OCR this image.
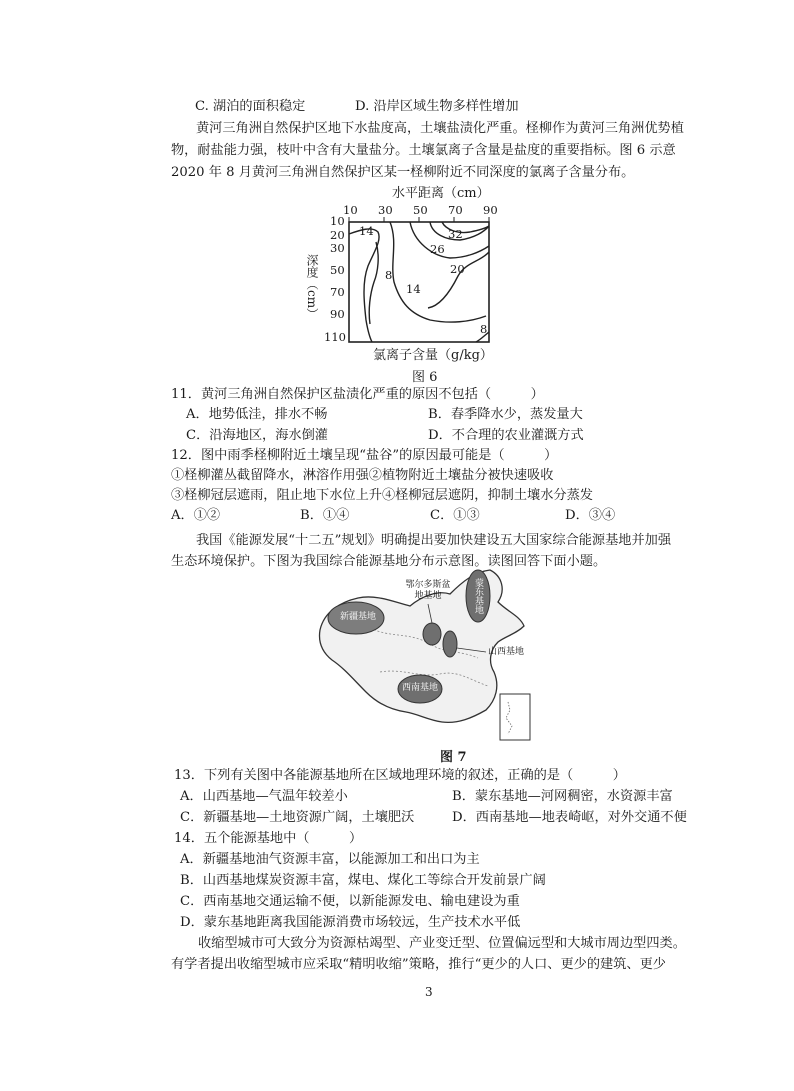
C. 湖泊的面积稳定	D. 沿岸区域生物多样性增加
黄河三角洲自然保护区地下水盐度高，土壤盐渍化严重。柽柳作为黄河三角洲优势植
物，耐盐能力强，枝叶中含有大量盐分。土壤氯离子含量是盐度的重要指标。图 6 示意
2020 年 8 月黄河三角洲自然保护区某一柽柳附近不同深度的氯离子含量分布。
水平距离（cm）
10 30 50 70 90
10
20
30
50
70
90
110
深度（cm）
32
26
20
14
14
8
8
氯离子含量（g/kg）
图 6
11．黄河三角洲自然保护区盐渍化严重的原因不包括（　　　）
A．地势低洼，排水不畅	B．春季降水少，蒸发量大
C．沿海地区，海水倒灌	D．不合理的农业灌溉方式
12．图中雨季柽柳附近土壤呈现“盐谷”的原因最可能是（　　　）
①柽柳灌丛截留降水，淋溶作用强②植物附近土壤盐分被快速吸收
③柽柳冠层遮雨，阻止地下水位上升④柽柳冠层遮阴，抑制土壤水分蒸发
A．①②	B．①④	C．①③	D．③④
我国《能源发展“十二五”规划》明确提出要加快建设五大国家综合能源基地并加强
生态环境保护。下图为我国综合能源基地分布示意图。读图回答下面小题。
新疆基地
鄂尔多斯盆地基地	蒙东基地
山西基地
西南基地
图 7
13．下列有关图中各能源基地所在区域地理环境的叙述，正确的是（　　　）
A．山西基地—气温年较差小	B．蒙东基地—河网稠密，水资源丰富
C．新疆基地—土地资源广阔，土壤肥沃	D．西南基地—地表崎岖，对外交通不便
14．五个能源基地中（　　　）
A．新疆基地油气资源丰富，以能源加工和出口为主
B．山西基地煤炭资源丰富，煤电、煤化工等综合开发前景广阔
C．西南基地交通运输不便，以新能源发电、输电建设为重
D．蒙东基地距离我国能源消费市场较远，生产技术水平低
收缩型城市可大致分为资源枯竭型、产业变迁型、位置偏远型和大城市周边型四类。
有学者提出收缩型城市应采取“精明收缩”策略，推行“更少的人口、更少的建筑、更少
3
